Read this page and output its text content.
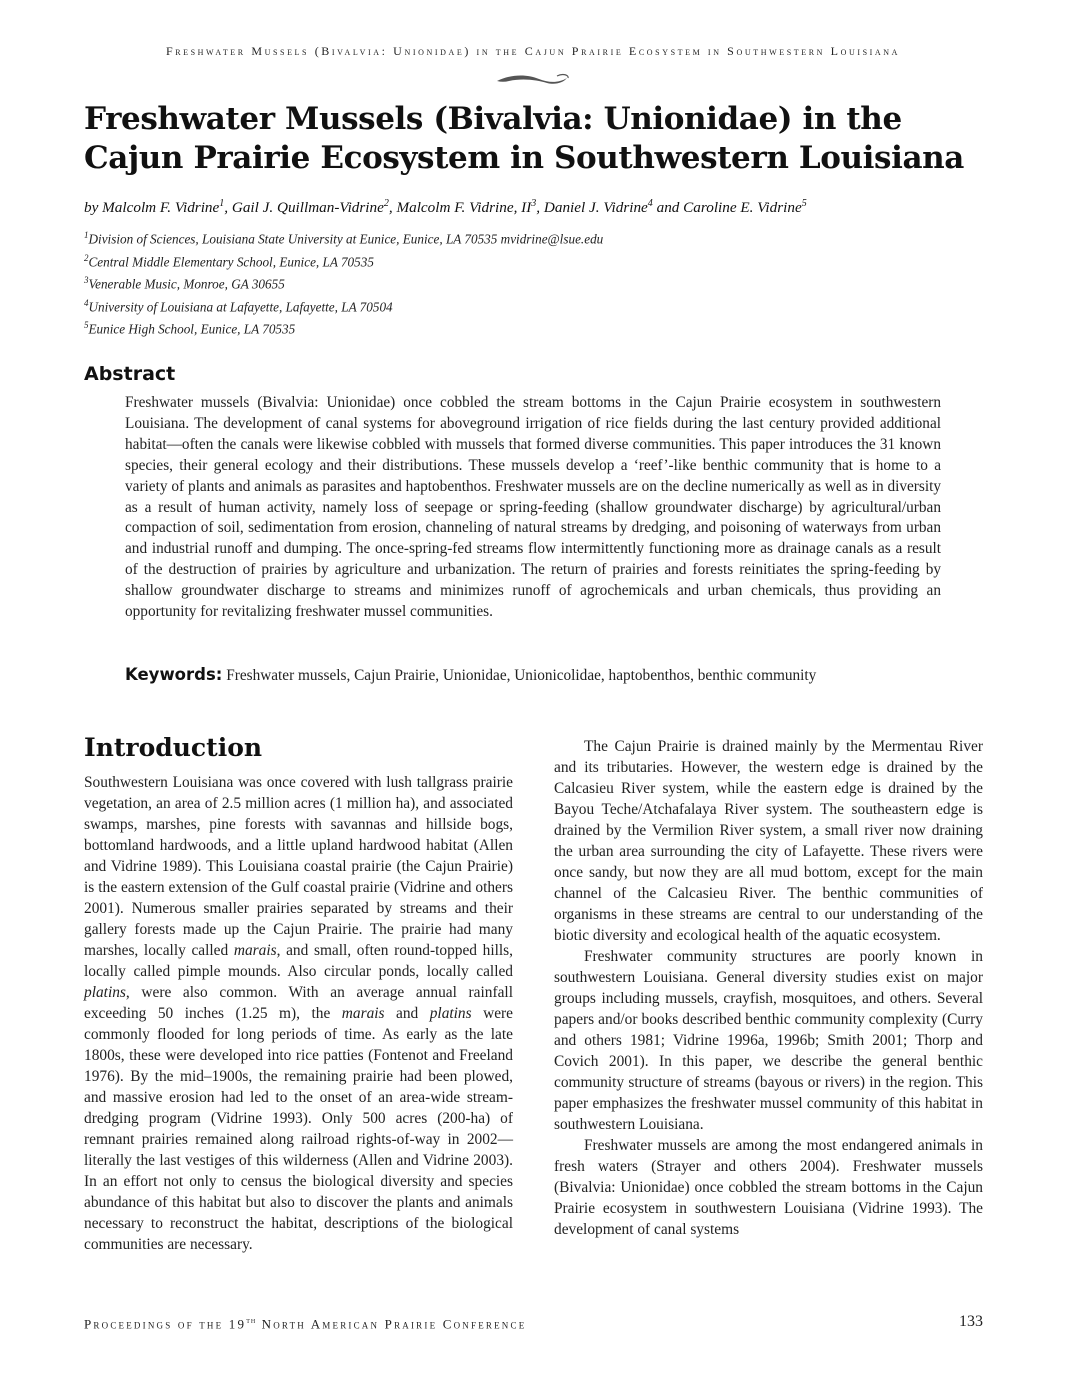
Freshwater Mussels (Bivalvia: Unionidae) in the Cajun Prairie Ecosystem in Southwestern Louisiana
Freshwater Mussels (Bivalvia: Unionidae) in the
Cajun Prairie Ecosystem in Southwestern Louisiana
by Malcolm F. Vidrine$^1$, Gail J. Quillman-Vidrine$^2$, Malcolm F. Vidrine, $II^3$, Daniel J. Vidrine$^4$ and Caroline E. Vidrine$^5$
$^1$Division of Sciences, Louisiana State University at Eunice, Eunice, LA 70535 mvidrine@lsue.edu
$^2$Central Middle Elementary School, Eunice, LA 70535
$^3$Venerable Music, Monroe, GA 30655
$^4$University of Louisiana at Lafayette, Lafayette, LA 70504
$^5$Eunice High School, Eunice, LA 70535
Abstract

Freshwater mussels (Bivalvia: Unionidae) once cobbled the stream bottoms in the Cajun Prairie ecosystem in southwestern Louisiana. The development of canal systems for aboveground irrigation of rice fields during the last century provided additional habitat—often the canals were likewise cobbled with mussels that formed diverse communities. This paper introduces the 31 known species, their general ecology and their distributions. These mussels develop a ‘reef’-like benthic community that is home to a variety of plants and animals as parasites and haptobenthos. Freshwater mussels are on the decline numerically as well as in diversity as a result of human activity, namely loss of seepage or spring-feeding (shallow groundwater discharge) by agricultural/urban compaction of soil, sedimentation from erosion, channeling of natural streams by dredging, and poisoning of waterways from urban and industrial runoff and dumping. The once-spring-fed streams flow intermittently functioning more as drainage canals as a result of the destruction of prairies by agriculture and urbanization. The return of prairies and forests reinitiates the spring-feeding by shallow groundwater discharge to streams and minimizes runoff of agrochemicals and urban chemicals, thus providing an opportunity for revitalizing freshwater mussel communities.

Keywords: Freshwater mussels, Cajun Prairie, Unionidae, Unionicolidae, haptobenthos, benthic community
Introduction

Southwestern Louisiana was once covered with lush tallgrass prairie vegetation, an area of 2.5 million acres (1 million ha), and associated swamps, marshes, pine forests with savannas and hillside bogs, bottomland hardwoods, and a little upland hardwood habitat (Allen and Vidrine 1989). This Louisiana coastal prairie (the Cajun Prairie) is the eastern extension of the Gulf coastal prairie (Vidrine and others 2001). Numerous smaller prairies separated by streams and their gallery forests made up the Cajun Prairie. The prairie had many marshes, locally called marais, and small, often round-topped hills, locally called pimple mounds. Also circular ponds, locally called platins, were also common. With an average annual rainfall exceeding 50 inches (1.25 m), the marais and platins were commonly flooded for long periods of time. As early as the late 1800s, these were developed into rice patties (Fontenot and Freeland 1976). By the mid–1900s, the remaining prairie had been plowed, and massive erosion had led to the onset of an area-wide stream-dredging program (Vidrine 1993). Only 500 acres (200-ha) of remnant prairies remained along railroad rights-of-way in 2002—literally the last vestiges of this wilderness (Allen and Vidrine 2003). In an effort not only to census the biological diversity and species abundance of this habitat but also to discover the plants and animals necessary to reconstruct the habitat, descriptions of the biological communities are necessary.

The Cajun Prairie is drained mainly by the Mermentau River and its tributaries. However, the western edge is drained by the Calcasieu River system, while the eastern edge is drained by the Bayou Teche/Atchafalaya River system. The southeastern edge is drained by the Vermilion River system, a small river now draining the urban area surrounding the city of Lafayette. These rivers were once sandy, but now they are all mud bottom, except for the main channel of the Calcasieu River. The benthic communities of organisms in these streams are central to our understanding of the biotic diversity and ecological health of the aquatic ecosystem.

Freshwater community structures are poorly known in southwestern Louisiana. General diversity studies exist on major groups including mussels, crayfish, mosquitoes, and others. Several papers and/or books described benthic community complexity (Curry and others 1981; Vidrine 1996a, 1996b; Smith 2001; Thorp and Covich 2001). In this paper, we describe the general benthic community structure of streams (bayous or rivers) in the region. This paper emphasizes the freshwater mussel community of this habitat in southwestern Louisiana.

Freshwater mussels are among the most endangered animals in fresh waters (Strayer and others 2004). Freshwater mussels (Bivalvia: Unionidae) once cobbled the stream bottoms in the Cajun Prairie ecosystem in southwestern Louisiana (Vidrine 1993). The development of canal systems

Proceedings of the 19th North American Prairie Conference	133
